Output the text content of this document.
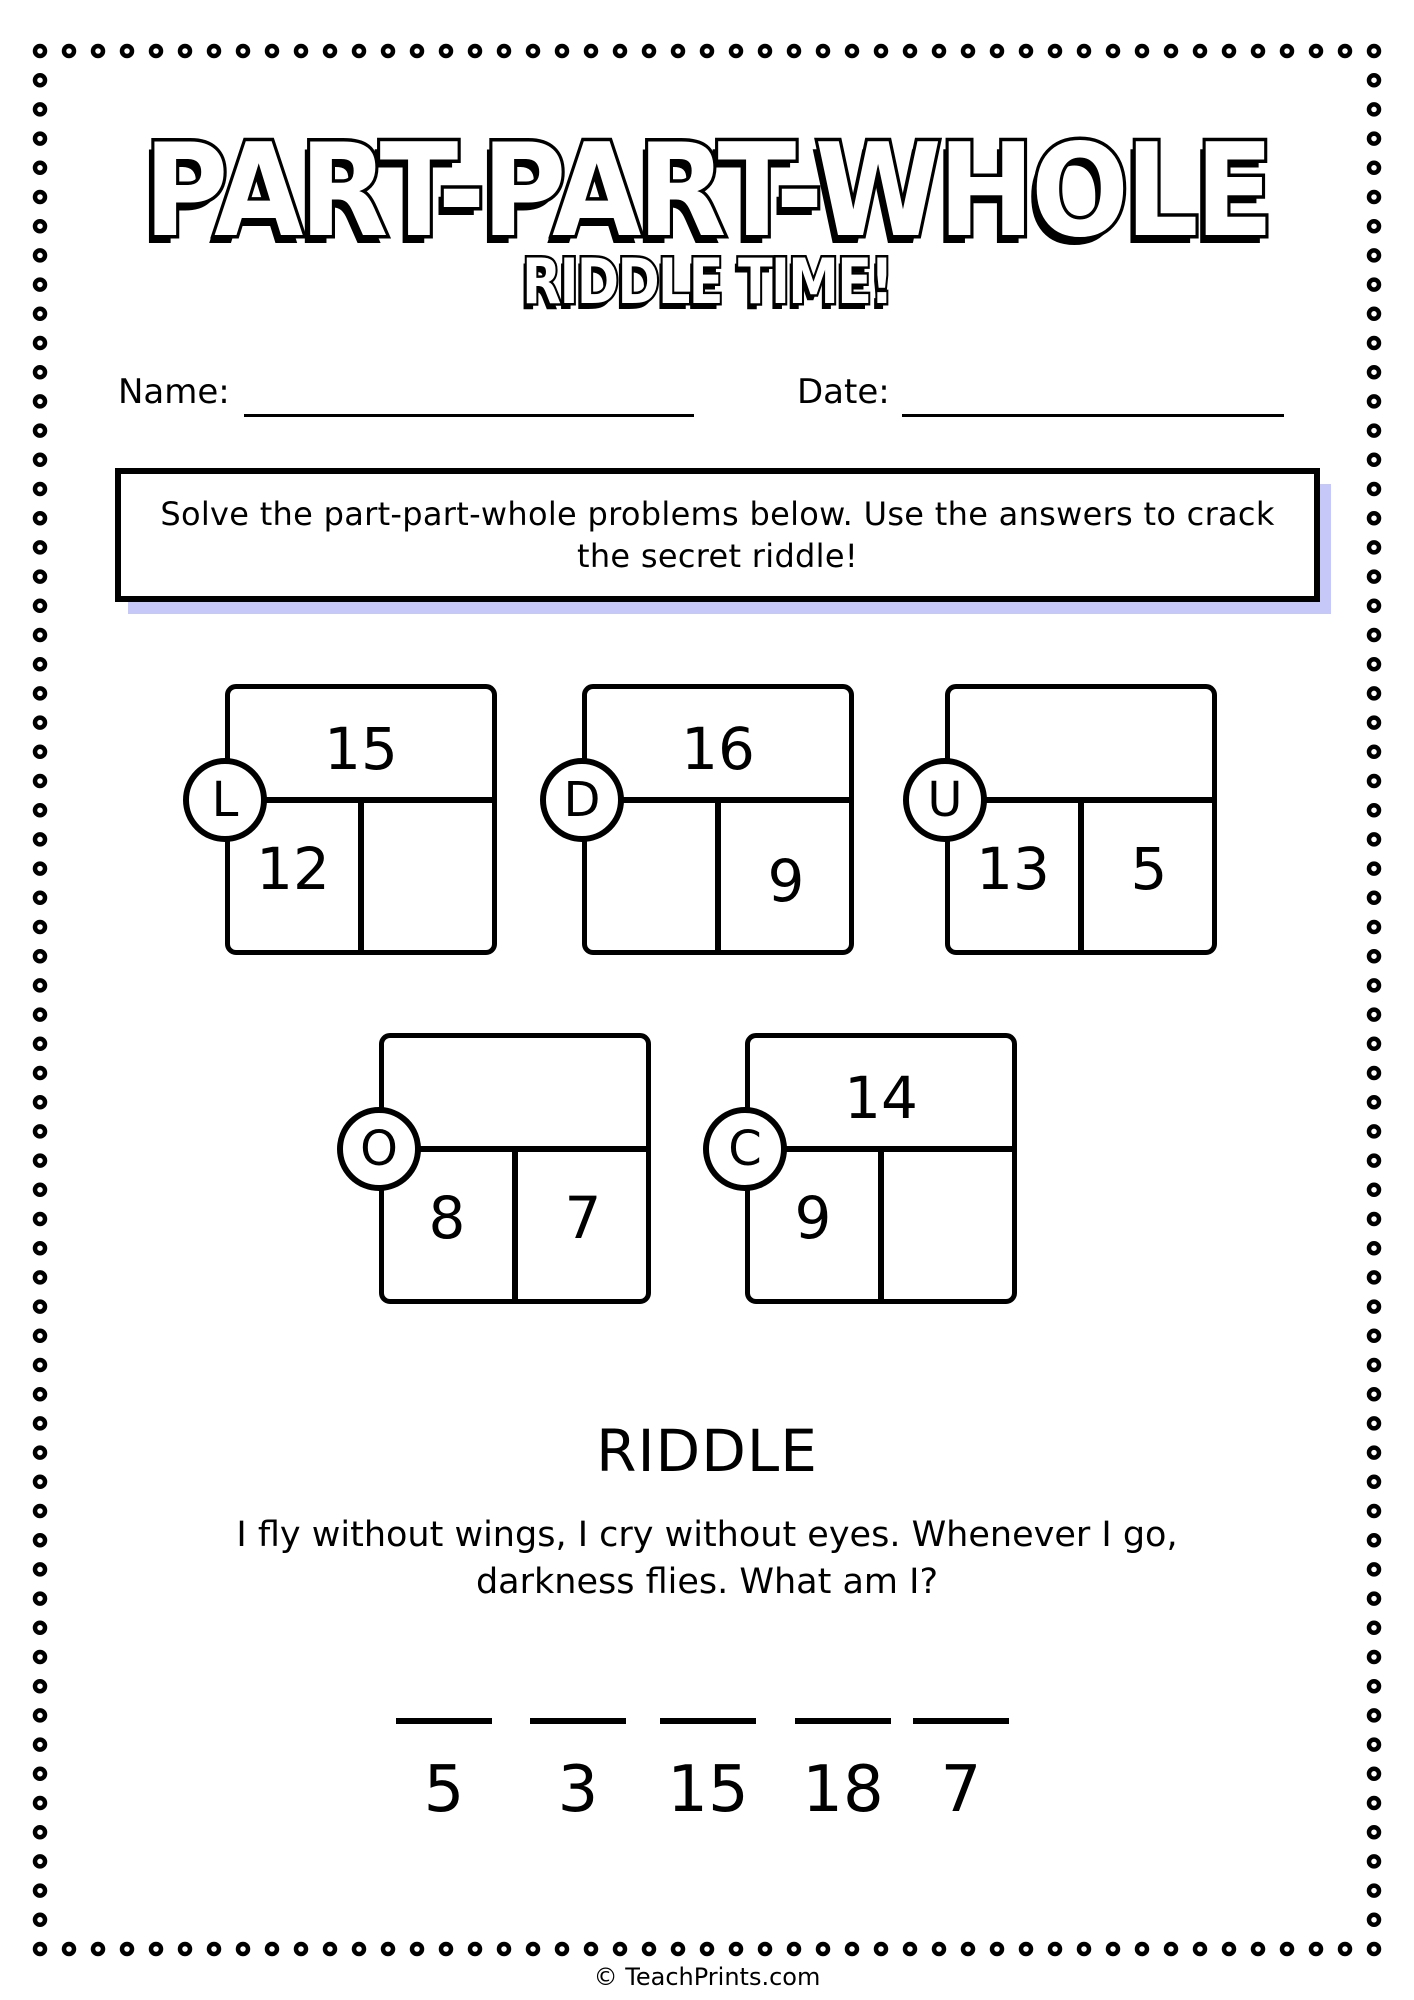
PART-PART-WHOLE
RIDDLE TIME!
Name:	Date:
Solve the part-part-whole problems below. Use the answers to crack the secret riddle!
15
12
L
16
9
D
13	5
U
8	7
O
14
9
C
RIDDLE
I fly without wings, I cry without eyes. Whenever I go, darkness flies. What am I?
5	3	15 18 7
© TeachPrints.com
